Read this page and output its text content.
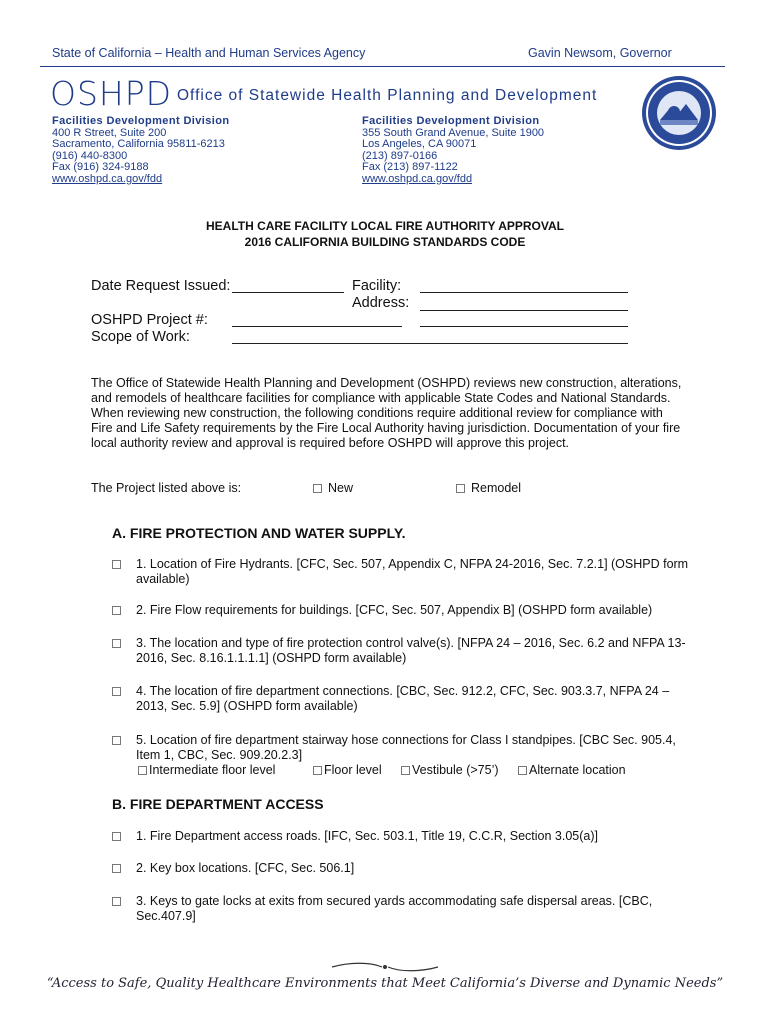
State of California – Health and Human Services Agency	Gavin Newsom, Governor
OSHPD Office of Statewide Health Planning and Development
Facilities Development Division
400 R Street, Suite 200
Sacramento, California 95811-6213
(916) 440-8300
Fax (916) 324-9188
www.oshpd.ca.gov/fdd
Facilities Development Division
355 South Grand Avenue, Suite 1900
Los Angeles, CA 90071
(213) 897-0166
Fax (213) 897-1122
www.oshpd.ca.gov/fdd
HEALTH CARE FACILITY LOCAL FIRE AUTHORITY APPROVAL
2016 CALIFORNIA BUILDING STANDARDS CODE
Date Request Issued:	Facility:
Address:
OSHPD Project #:
Scope of Work:
The Office of Statewide Health Planning and Development (OSHPD) reviews new construction, alterations, and remodels of healthcare facilities for compliance with applicable State Codes and National Standards. When reviewing new construction, the following conditions require additional review for compliance with Fire and Life Safety requirements by the Fire Local Authority having jurisdiction. Documentation of your fire local authority review and approval is required before OSHPD will approve this project.
The Project listed above is:	New	Remodel
A. FIRE PROTECTION AND WATER SUPPLY.
1. Location of Fire Hydrants. [CFC, Sec. 507, Appendix C, NFPA 24-2016, Sec. 7.2.1] (OSHPD form available)
2. Fire Flow requirements for buildings. [CFC, Sec. 507, Appendix B] (OSHPD form available)
3. The location and type of fire protection control valve(s). [NFPA 24 – 2016, Sec. 6.2 and NFPA 13-2016, Sec. 8.16.1.1.1.1] (OSHPD form available)
4. The location of fire department connections. [CBC, Sec. 912.2, CFC, Sec. 903.3.7, NFPA 24 – 2013, Sec. 5.9] (OSHPD form available)
5. Location of fire department stairway hose connections for Class I standpipes. [CBC Sec. 905.4, Item 1, CBC, Sec. 909.20.2.3]
Intermediate floor level	Floor level	Vestibule (>75’)	Alternate location
B. FIRE DEPARTMENT ACCESS
1. Fire Department access roads. [IFC, Sec. 503.1, Title 19, C.C.R, Section 3.05(a)]
2. Key box locations. [CFC, Sec. 506.1]
3. Keys to gate locks at exits from secured yards accommodating safe dispersal areas. [CBC, Sec.407.9]
“Access to Safe, Quality Healthcare Environments that Meet California’s Diverse and Dynamic Needs”
